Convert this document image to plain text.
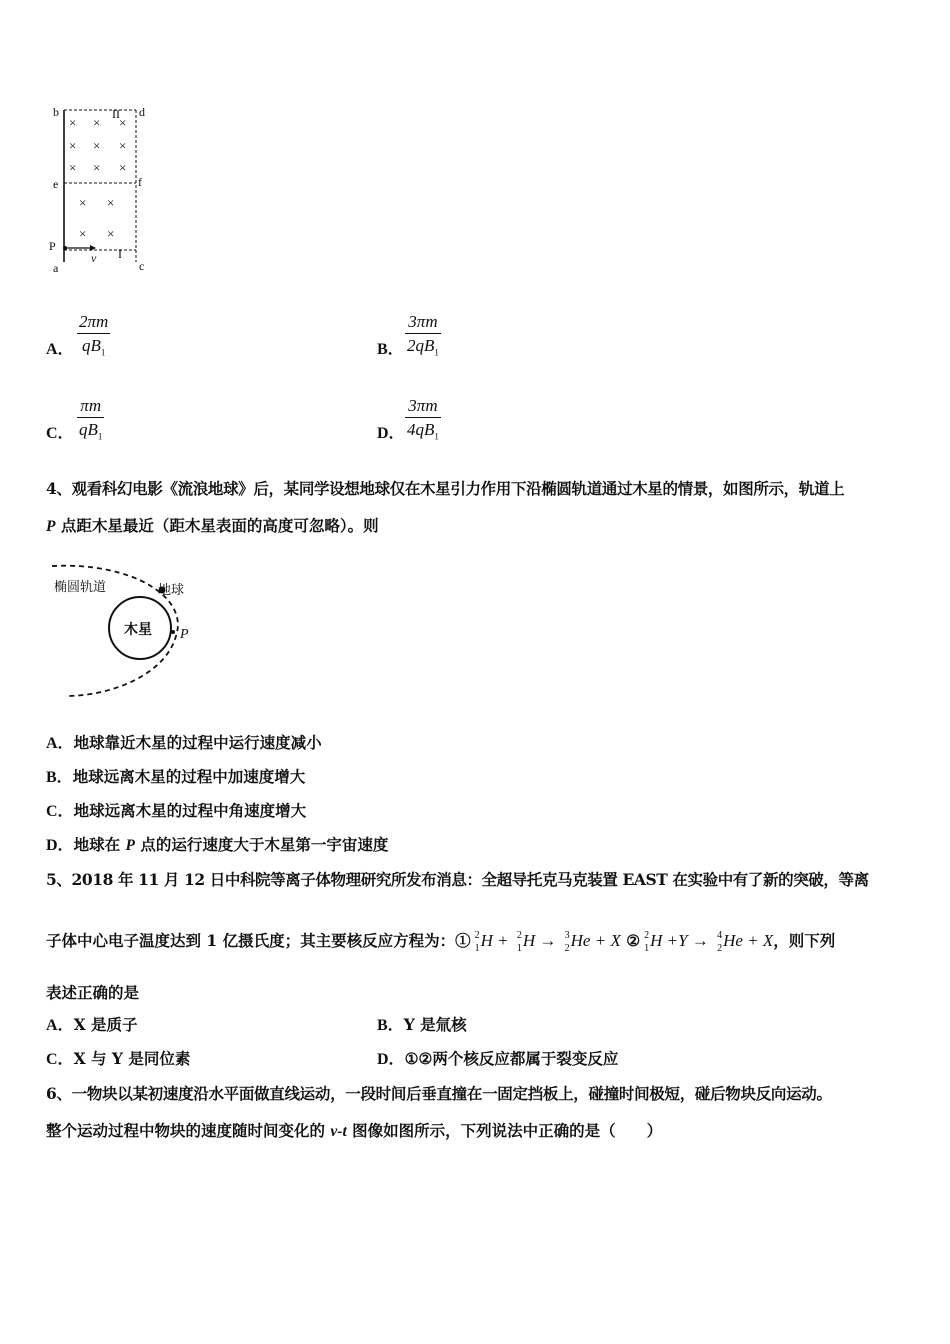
× × ×
× × ×
× × ×
× ×
× ×
b	II d
e	f
P
v I
a	c
A． $\frac{2\pi m}{qB_1}$	B． $\frac{3\pi m}{2qB_1}$
C． $\frac{\pi m}{qB_1}$	D． $\frac{3\pi m}{4qB_1}$
4、观看科幻电影《流浪地球》后，某同学设想地球仅在木星引力作用下沿椭圆轨道通过木星的情景，如图所示，轨道上
P 点距木星最近（距木星表面的高度可忽略）。则
椭圆轨道	地球
木星 P
A．地球靠近木星的过程中运行速度减小
B．地球远离木星的过程中加速度增大
C．地球远离木星的过程中角速度增大
D．地球在 P 点的运行速度大于木星第一宇宙速度
5、2018 年 11 月 12 日中科院等离子体物理研究所发布消息：全超导托克马克装置 EAST 在实验中有了新的突破，等离
子体中心电子温度达到 1 亿摄氏度；其主要核反应方程为：① 2
1 H + 2
1 H → 3
2 He + X ② 2
1 H +Y → 4
2 He + X，则下列
表述正确的是
A．X 是质子	B．Y 是氚核
C．X 与 Y 是同位素	D．①②两个核反应都属于裂变反应
6、一物块以某初速度沿水平面做直线运动，一段时间后垂直撞在一固定挡板上，碰撞时间极短，碰后物块反向运动。
整个运动过程中物块的速度随时间变化的 v-t 图像如图所示，下列说法中正确的是（　　）
